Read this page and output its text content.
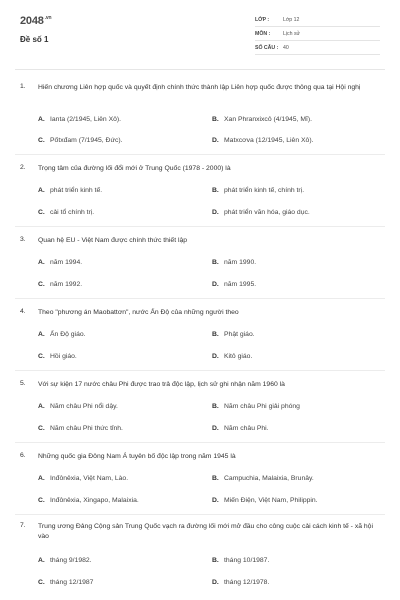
$2048^{.vn}$
Đề số 1
LỚP :	Lớp 12
MÔN : Lịch sử
SỐ CÂU : 40
1. Hiến chương Liên hợp quốc và quyết định chính thức thành lập Liên hợp quốc được thông qua tại Hội nghị
A. Ianta (2/1945, Liên Xô).	B. Xan Phranxixcô (4/1945, Mĩ).
C. Pốtxđam (7/1945, Đức).	D. Matxcơva (12/1945, Liên Xô).
2. Trọng tâm của đường lối đổi mới ở Trung Quốc (1978 - 2000) là
A. phát triển kinh tế.	B. phát triển kinh tế, chính trị.
C. cải tổ chính trị.	D. phát triển văn hóa, giáo dục.
3. Quan hệ EU - Việt Nam được chính thức thiết lập
A. năm 1994.	B. năm 1990.
C. năm 1992.	D. năm 1995.
4. Theo "phương án Maobattơn", nước Ấn Độ của những người theo
A. Ấn Độ giáo.	B. Phật giáo.
C. Hồi giáo.	D. Kitô giáo.
5. Với sự kiện 17 nước châu Phi được trao trả độc lập, lịch sử ghi nhận năm 1960 là
A. Năm châu Phi nổi dậy.	B. Năm châu Phi giải phóng
C. Năm châu Phi thức tỉnh.	D. Năm châu Phi.
6. Những quốc gia Đông Nam Á tuyên bố độc lập trong năm 1945 là
A. Inđônêxia, Việt Nam, Lào.	B. Campuchia, Malaixia, Brunây.
C. Inđônêxia, Xingapo, Malaixia.	D. Miến Điện, Việt Nam, Philippin.
7. Trung ương Đảng Cộng sản Trung Quốc vạch ra đường lối mới mở đầu cho công cuộc cải cách kinh tế - xã hội vào
A. tháng 9/1982.	B. tháng 10/1987.
C. tháng 12/1987	D. tháng 12/1978.
